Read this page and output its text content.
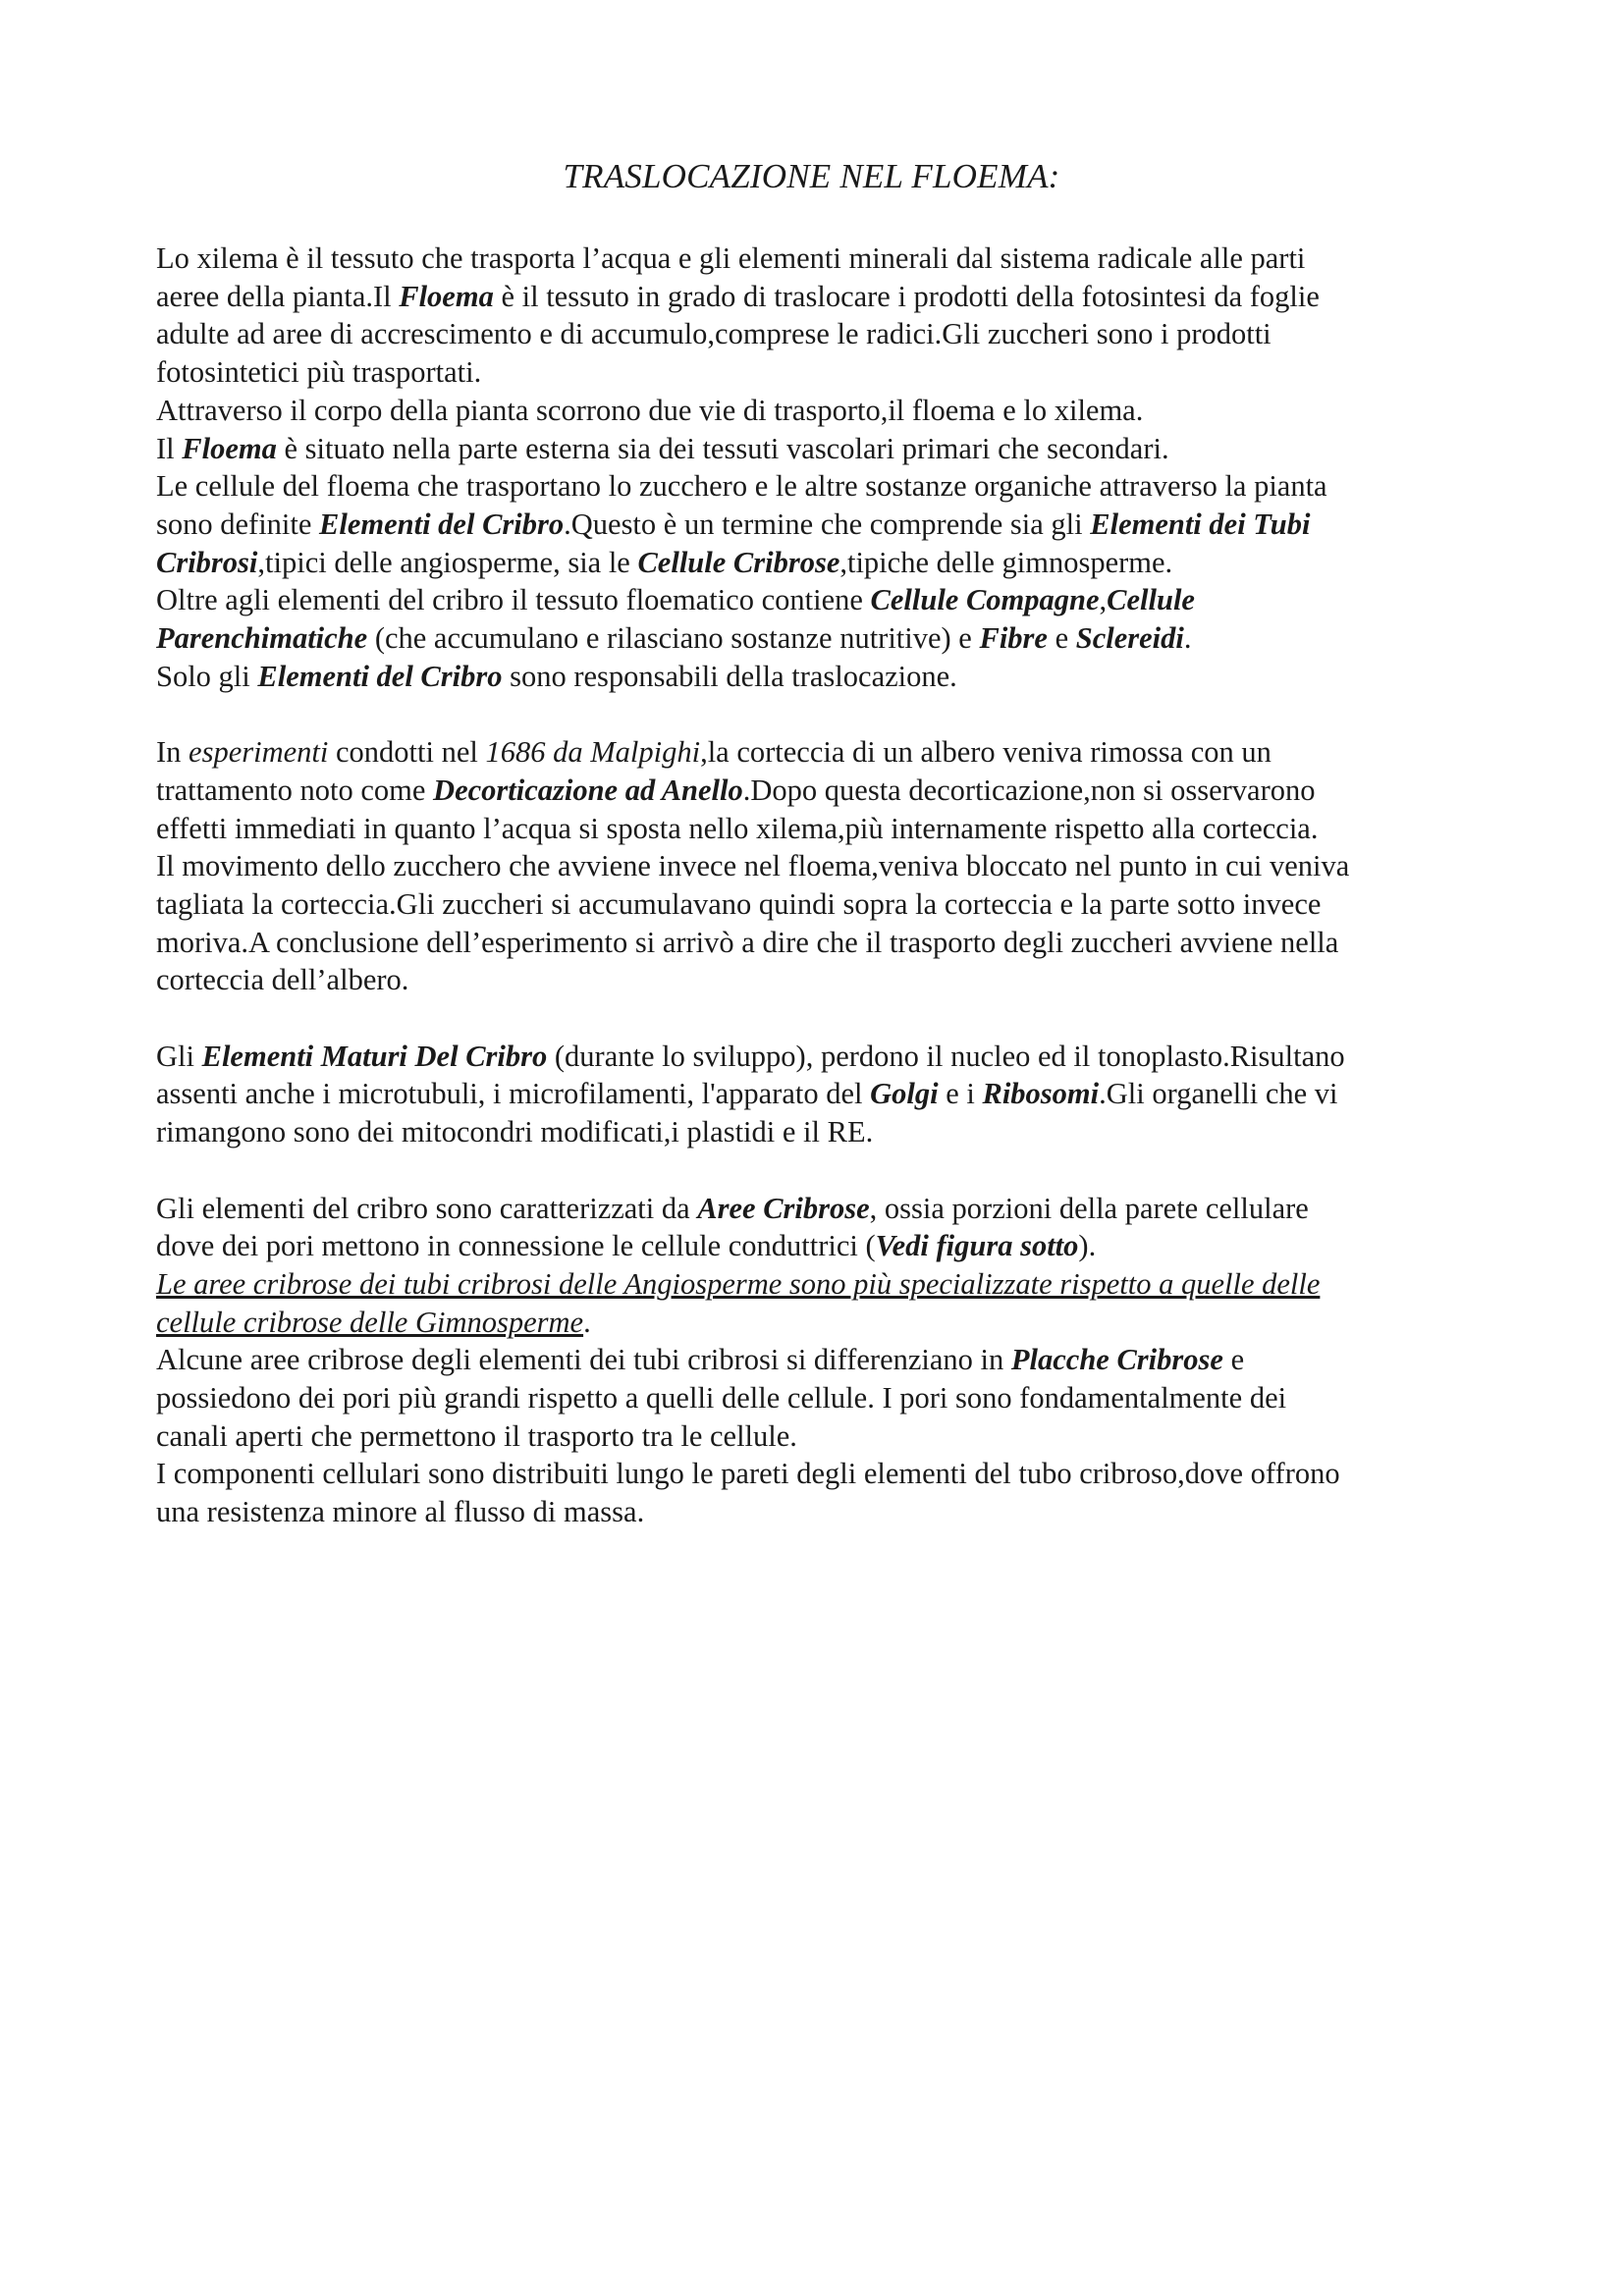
TRASLOCAZIONE NEL FLOEMA:

Lo xilema è il tessuto che trasporta l’acqua e gli elementi minerali dal sistema radicale alle parti
aeree della pianta.Il Floema è il tessuto in grado di traslocare i prodotti della fotosintesi da foglie
adulte ad aree di accrescimento e di accumulo,comprese le radici.Gli zuccheri sono i prodotti
fotosintetici più trasportati.
Attraverso il corpo della pianta scorrono due vie di trasporto,il floema e lo xilema.
Il Floema è situato nella parte esterna sia dei tessuti vascolari primari che secondari.
Le cellule del floema che trasportano lo zucchero e le altre sostanze organiche attraverso la pianta
sono definite Elementi del Cribro.Questo è un termine che comprende sia gli Elementi dei Tubi
Cribrosi,tipici delle angiosperme, sia le Cellule Cribrose,tipiche delle gimnosperme.
Oltre agli elementi del cribro il tessuto floematico contiene Cellule Compagne,Cellule
Parenchimatiche (che accumulano e rilasciano sostanze nutritive) e Fibre e Sclereidi.
Solo gli Elementi del Cribro sono responsabili della traslocazione.

In esperimenti condotti nel 1686 da Malpighi,la corteccia di un albero veniva rimossa con un
trattamento noto come Decorticazione ad Anello.Dopo questa decorticazione,non si osservarono
effetti immediati in quanto l’acqua si sposta nello xilema,più internamente rispetto alla corteccia.
Il movimento dello zucchero che avviene invece nel floema,veniva bloccato nel punto in cui veniva
tagliata la corteccia.Gli zuccheri si accumulavano quindi sopra la corteccia e la parte sotto invece
moriva.A conclusione dell’esperimento si arrivò a dire che il trasporto degli zuccheri avviene nella
corteccia dell’albero.

Gli Elementi Maturi Del Cribro (durante lo sviluppo), perdono il nucleo ed il tonoplasto.Risultano
assenti anche i microtubuli, i microfilamenti, l'apparato del Golgi e i Ribosomi.Gli organelli che vi
rimangono sono dei mitocondri modificati,i plastidi e il RE.

Gli elementi del cribro sono caratterizzati da Aree Cribrose, ossia porzioni della parete cellulare
dove dei pori mettono in connessione le cellule conduttrici (Vedi figura sotto).
Le aree cribrose dei tubi cribrosi delle Angiosperme sono più specializzate rispetto a quelle delle
cellule cribrose delle Gimnosperme.
Alcune aree cribrose degli elementi dei tubi cribrosi si differenziano in Placche Cribrose e
possiedono dei pori più grandi rispetto a quelli delle cellule. I pori sono fondamentalmente dei
canali aperti che permettono il trasporto tra le cellule.
I componenti cellulari sono distribuiti lungo le pareti degli elementi del tubo cribroso,dove offrono
una resistenza minore al flusso di massa.
